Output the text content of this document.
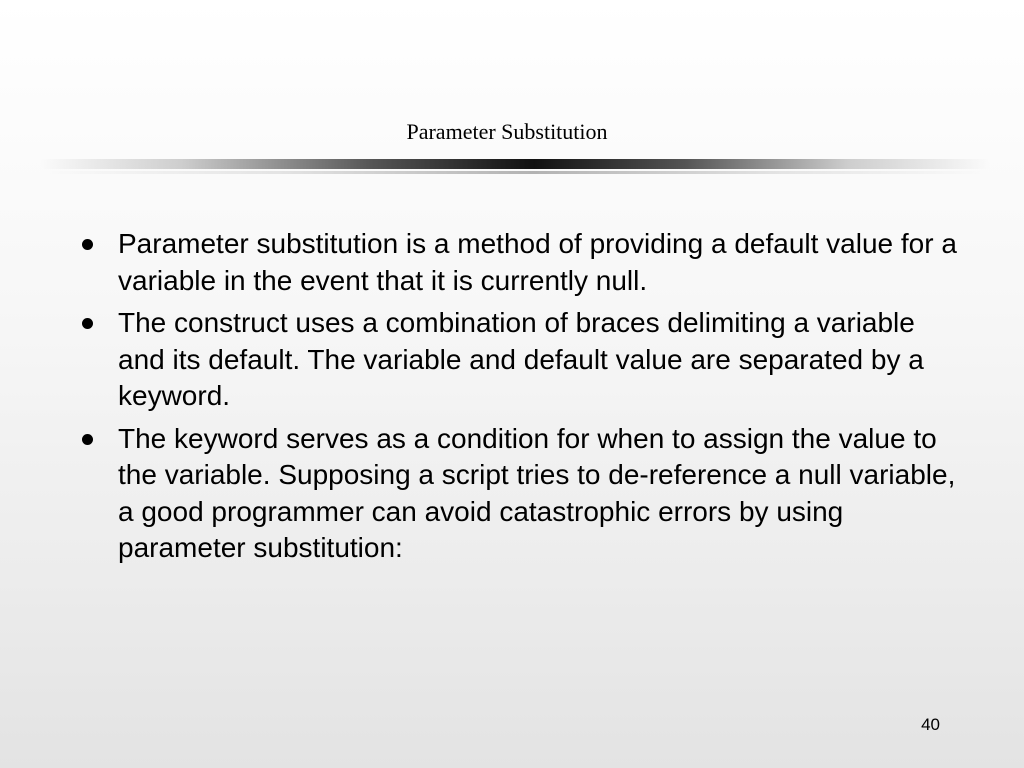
Parameter Substitution
Parameter substitution is a method of providing a default value for a variable in the event that it is currently null.
The construct uses a combination of braces delimiting a variable and its default. The variable and default value are separated by a keyword.
The keyword serves as a condition for when to assign the value to the variable. Supposing a script tries to de-reference a null variable, a good programmer can avoid catastrophic errors by using parameter substitution:
40
